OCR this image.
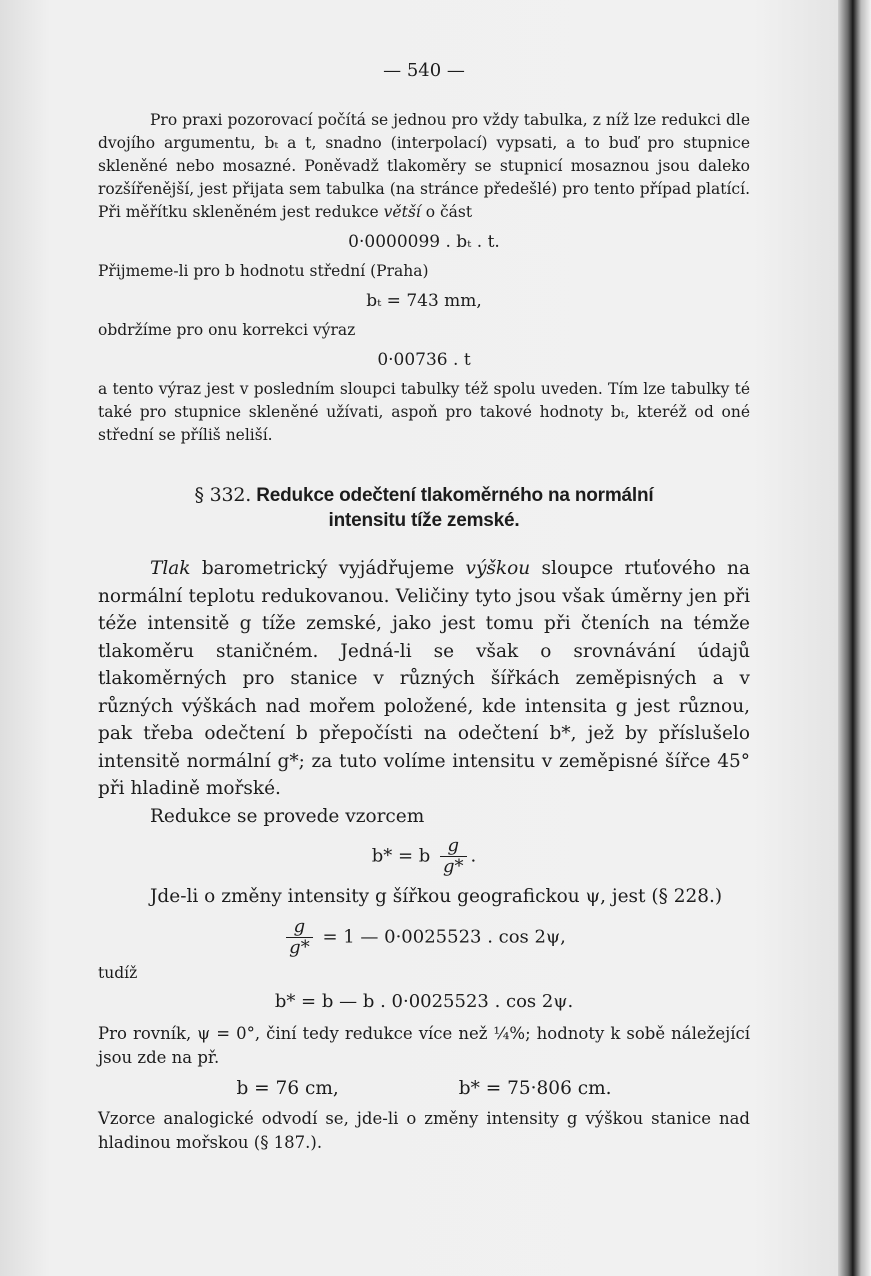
— 540 —

Pro praxi pozorovací počítá se jednou pro vždy tabulka, z níž lze redukci dle dvojího argumentu, bₜ a t, snadno (interpolací) vypsati, a to buď pro stupnice skleněné nebo mosazné. Poněvadž tlakoměry se stupnicí mosaznou jsou daleko rozšířenější, jest přijata sem tabulka (na stránce předešlé) pro tento případ platící. Při měřítku skleněném jest redukce větší o část

0·0000099 . bₜ . t.

Přijmeme-li pro b hodnotu střední (Praha)

bₜ = 743 mm,

obdržíme pro onu korrekci výraz

0·00736 . t

a tento výraz jest v posledním sloupci tabulky též spolu uveden. Tím lze tabulky té také pro stupnice skleněné užívati, aspoň pro takové hodnoty bₜ, kteréž od oné střední se příliš neliší.

§ 332. Redukce odečtení tlakoměrného na normální intensitu tíže zemské.

Tlak barometrický vyjádřujeme výškou sloupce rtuťového na normální teplotu redukovanou. Veličiny tyto jsou však úměrny jen při téže intensitě g tíže zemské, jako jest tomu při čteních na témže tlakoměru staničném. Jedná-li se však o srovnávání údajů tlakoměrných pro stanice v různých šířkách zeměpisných a v různých výškách nad mořem položené, kde intensita g jest různou, pak třeba odečtení b přepočísti na odečtení b*, jež by příslušelo intensitě normální g*; za tuto volíme intensitu v zeměpisné šířce 45° při hladině mořské.

Redukce se provede vzorcem

b* = b $\frac{g}{g*}$ .

Jde-li o změny intensity g šířkou geografickou ψ, jest (§ 228.)

$\frac{g}{g*} = 1$ — 0·0025523 . cos 2ψ,

tudíž

b* = b — b . 0·0025523 . cos 2ψ.

Pro rovník, ψ = 0°, činí tedy redukce více než ¼%; hodnoty k sobě náležející jsou zde na př.

b = 76 cm,	b* = 75·806 cm.

Vzorce analogické odvodí se, jde-li o změny intensity g výškou stanice nad hladinou mořskou (§ 187.).
